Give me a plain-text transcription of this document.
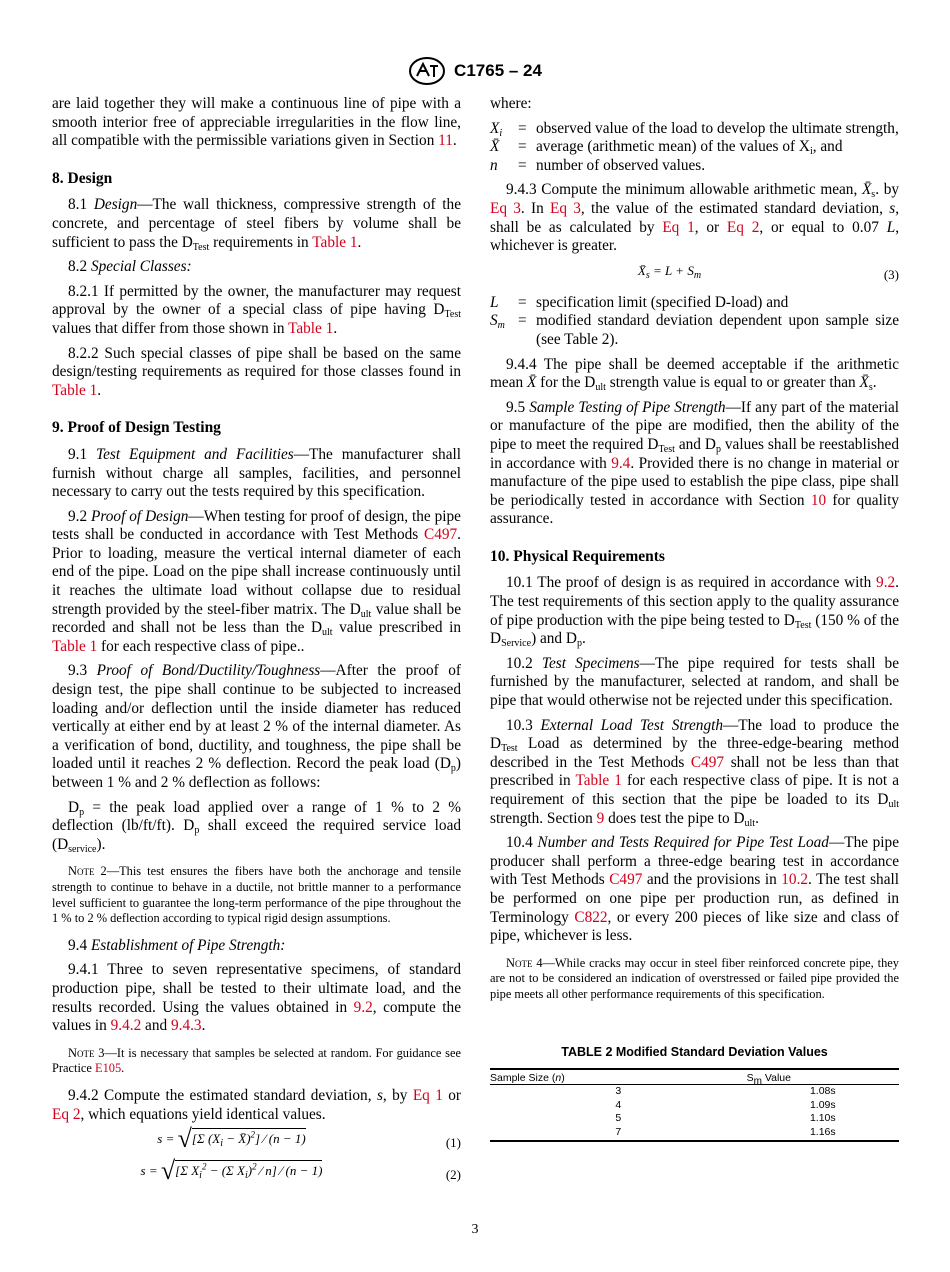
C1765 – 24

are laid together they will make a continuous line of pipe with a smooth interior free of appreciable irregularities in the flow line, all compatible with the permissible variations given in Section 11.

8. Design

8.1 Design—The wall thickness, compressive strength of the concrete, and percentage of steel fibers by volume shall be sufficient to pass the $D_{Test}$ requirements in Table 1.

8.2 Special Classes:

8.2.1 If permitted by the owner, the manufacturer may request approval by the owner of a special class of pipe having $D_{Test}$ values that differ from those shown in Table 1.

8.2.2 Such special classes of pipe shall be based on the same design/testing requirements as required for those classes found in Table 1.

9. Proof of Design Testing

9.1 Test Equipment and Facilities—The manufacturer shall furnish without charge all samples, facilities, and personnel necessary to carry out the tests required by this specification.

9.2 Proof of Design—When testing for proof of design, the pipe tests shall be conducted in accordance with Test Methods C497. Prior to loading, measure the vertical internal diameter of each end of the pipe. Load on the pipe shall increase continuously until it reaches the ultimate load without collapse due to residual strength provided by the steel-fiber matrix. The $D_{ult}$ value shall be recorded and shall not be less than the $D_{ult}$ value prescribed in Table 1 for each respective class of pipe..

9.3 Proof of Bond/Ductility/Toughness—After the proof of design test, the pipe shall continue to be subjected to increased loading and/or deflection until the inside diameter has reduced vertically at either end by at least 2 % of the internal diameter. As a verification of bond, ductility, and toughness, the pipe shall be loaded until it reaches 2 % deflection. Record the peak load $(D_p)$ between 1 % and 2 % deflection as follows:

$D_p$ = the peak load applied over a range of 1 % to 2 % deflection (lb/ft/ft). $D_p$ shall exceed the required service load $(D_{service})$.

Note 2—This test ensures the fibers have both the anchorage and tensile strength to continue to behave in a ductile, not brittle manner to a performance level sufficient to guarantee the long-term performance of the pipe throughout the 1 % to 2 % deflection according to typical rigid design assumptions.

9.4 Establishment of Pipe Strength:

9.4.1 Three to seven representative specimens, of standard production pipe, shall be tested to their ultimate load, and the results recorded. Using the values obtained in 9.2, compute the values in 9.4.2 and 9.4.3.

Note 3—It is necessary that samples be selected at random. For guidance see Practice E105.

9.4.2 Compute the estimated standard deviation, s, by Eq 1 or Eq 2, which equations yield identical values.

s = √[Σ ($X_i$ − X̄)$^2$] ⁄ (n − 1)	(1)
s = √[Σ $X_i^2 - (\Sigma$ $X_i)^2$ ⁄ n] ⁄ (n − 1)	(2)

where:

$X_i$	= observed value of the load to develop the ultimate strength,
X̄	= average (arithmetic mean) of the values of $X_i$, and
n	= number of observed values.

9.4.3 Compute the minimum allowable arithmetic mean, $X̄_s$. by Eq 3. In Eq 3, the value of the estimated standard deviation, s, shall be as calculated by Eq 1, or Eq 2, or equal to 0.07 L, whichever is greater.

$X̄_s = L + S_m$	(3)
L	= specification limit (specified D-load) and
$S_m$ = modified standard deviation dependent upon sample size (see Table 2).

9.4.4 The pipe shall be deemed acceptable if the arithmetic mean X̄ for the $D_{ult}$ strength value is equal to or greater than $X̄_s$.

9.5 Sample Testing of Pipe Strength—If any part of the material or manufacture of the pipe are modified, then the ability of the pipe to meet the required $D_{Test}$ and $D_p$ values shall be reestablished in accordance with 9.4. Provided there is no change in material or manufacture of the pipe used to establish the pipe class, pipe shall be periodically tested in accordance with Section 10 for quality assurance.

10. Physical Requirements

10.1 The proof of design is as required in accordance with 9.2. The test requirements of this section apply to the quality assurance of pipe production with the pipe being tested to $D_{Test}$ (150 % of the $D_{Service}$) and $D_p$.

10.2 Test Specimens—The pipe required for tests shall be furnished by the manufacturer, selected at random, and shall be pipe that would otherwise not be rejected under this specification.

10.3 External Load Test Strength—The load to produce the $D_{Test}$ Load as determined by the three-edge-bearing method described in the Test Methods C497 shall not be less than that prescribed in Table 1 for each respective class of pipe. It is not a requirement of this section that the pipe be loaded to its $D_{ult}$ strength. Section 9 does test the pipe to $D_{ult}$.

10.4 Number and Tests Required for Pipe Test Load—The pipe producer shall perform a three-edge bearing test in accordance with Test Methods C497 and the provisions in 10.2. The test shall be performed on one pipe per production run, as defined in Terminology C822, or every 200 pieces of like size and class of pipe, whichever is less.

Note 4—While cracks may occur in steel fiber reinforced concrete pipe, they are not to be considered an indication of overstressed or failed pipe provided the pipe meets all other performance requirements of this specification.
TABLE 2 Modified Standard Deviation Values
Sample Size (n)	$S_m$ Value
3	1.08s
4	1.09s
5	1.10s
7	1.16s
3
